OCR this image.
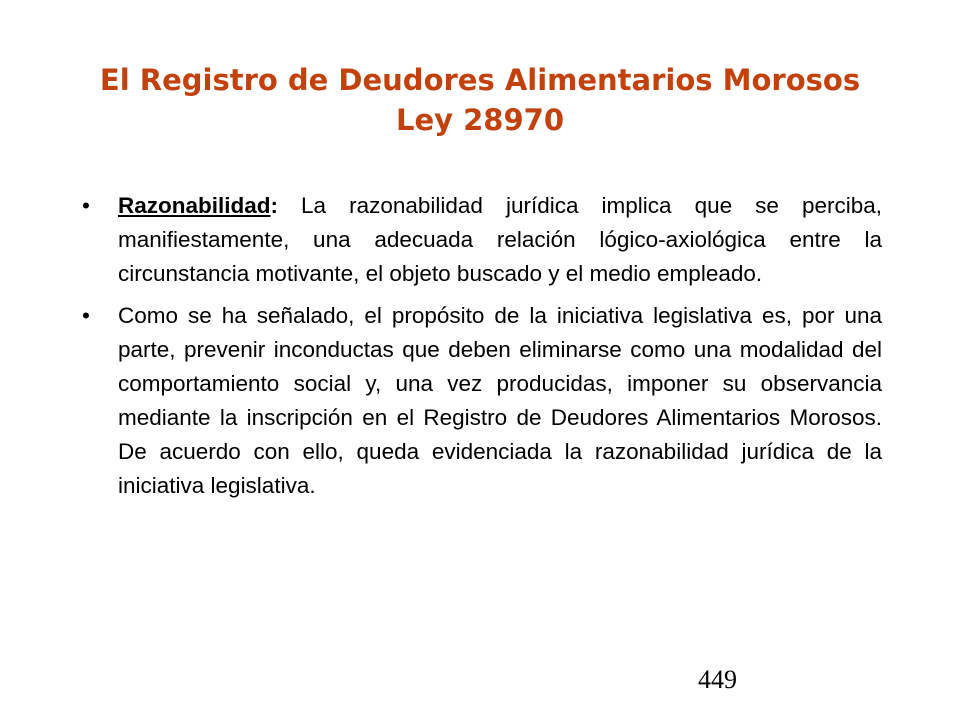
El Registro de Deudores Alimentarios Morosos
Ley 28970
• Razonabilidad: La razonabilidad jurídica implica que se perciba, manifiestamente, una adecuada relación lógico-axiológica entre la circunstancia motivante, el objeto buscado y el medio empleado.
• Como se ha señalado, el propósito de la iniciativa legislativa es, por una parte, prevenir inconductas que deben eliminarse como una modalidad del comportamiento social y, una vez producidas, imponer su observancia mediante la inscripción en el Registro de Deudores Alimentarios Morosos. De acuerdo con ello, queda evidenciada la razonabilidad jurídica de la iniciativa legislativa.
449
